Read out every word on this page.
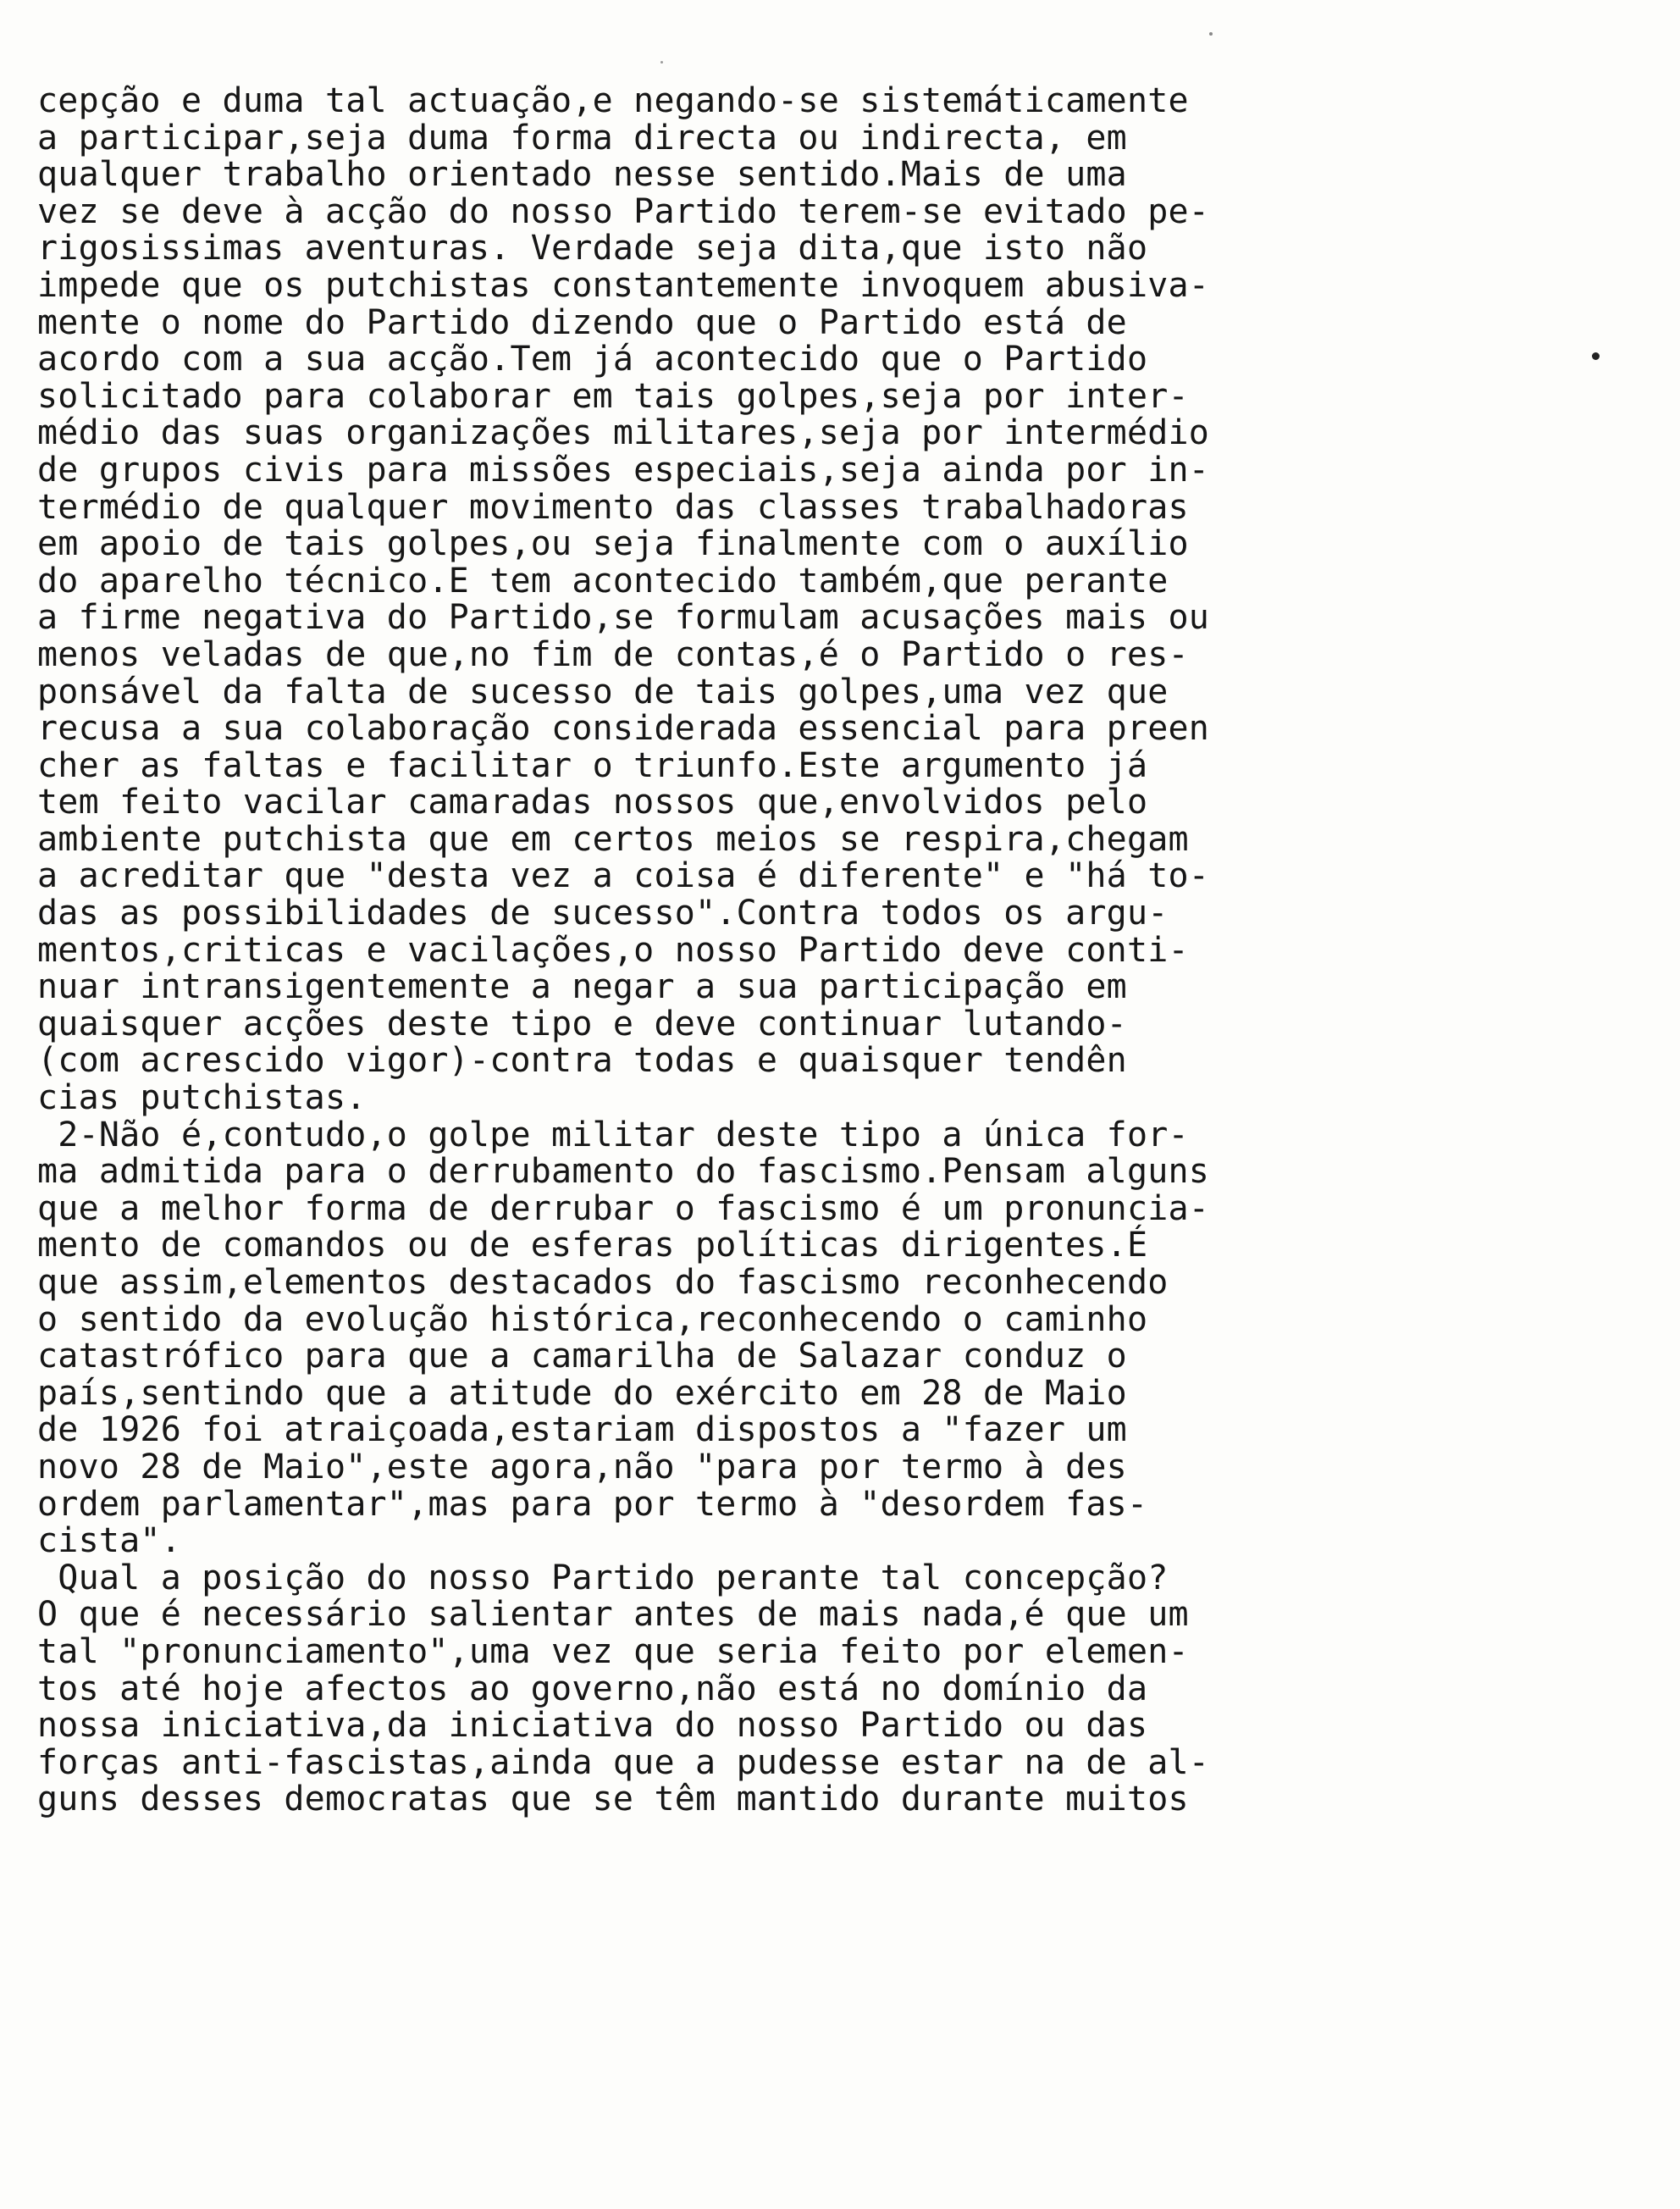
cepção e duma tal actuação,e negando-se sistemáticamente
a participar,seja duma forma directa ou indirecta, em
qualquer trabalho orientado nesse sentido.Mais de uma
vez se deve à acção do nosso Partido terem-se evitado pe-
rigosissimas aventuras. Verdade seja dita,que isto não
impede que os putchistas constantemente invoquem abusiva-
mente o nome do Partido dizendo que o Partido está de
acordo com a sua acção.Tem já acontecido que o Partido
solicitado para colaborar em tais golpes,seja por inter-
médio das suas organizações militares,seja por intermédio
de grupos civis para missões especiais,seja ainda por in-
termédio de qualquer movimento das classes trabalhadoras
em apoio de tais golpes,ou seja finalmente com o auxílio
do aparelho técnico.E tem acontecido também,que perante
a firme negativa do Partido,se formulam acusações mais ou
menos veladas de que,no fim de contas,é o Partido o res-
ponsável da falta de sucesso de tais golpes,uma vez que
recusa a sua colaboração considerada essencial para preen
cher as faltas e facilitar o triunfo.Este argumento já
tem feito vacilar camaradas nossos que,envolvidos pelo
ambiente putchista que em certos meios se respira,chegam
a acreditar que "desta vez a coisa é diferente" e "há to-
das as possibilidades de sucesso".Contra todos os argu-
mentos,criticas e vacilações,o nosso Partido deve conti-
nuar intransigentemente a negar a sua participação em
quaisquer acções deste tipo e deve continuar lutando-
(com acrescido vigor)-contra todas e quaisquer tendên
cias putchistas.
2-Não é,contudo,o golpe militar deste tipo a única for-
ma admitida para o derrubamento do fascismo.Pensam alguns
que a melhor forma de derrubar o fascismo é um pronuncia-
mento de comandos ou de esferas políticas dirigentes.É
que assim,elementos destacados do fascismo reconhecendo
o sentido da evolução histórica,reconhecendo o caminho
catastrófico para que a camarilha de Salazar conduz o
país,sentindo que a atitude do exército em 28 de Maio
de 1926 foi atraiçoada,estariam dispostos a "fazer um
novo 28 de Maio",este agora,não "para por termo à des
ordem parlamentar",mas para por termo à "desordem fas-
cista".
Qual a posição do nosso Partido perante tal concepção?
O que é necessário salientar antes de mais nada,é que um
tal "pronunciamento",uma vez que seria feito por elemen-
tos até hoje afectos ao governo,não está no domínio da
nossa iniciativa,da iniciativa do nosso Partido ou das
forças anti-fascistas,ainda que a pudesse estar na de al-
guns desses democratas que se têm mantido durante muitos
